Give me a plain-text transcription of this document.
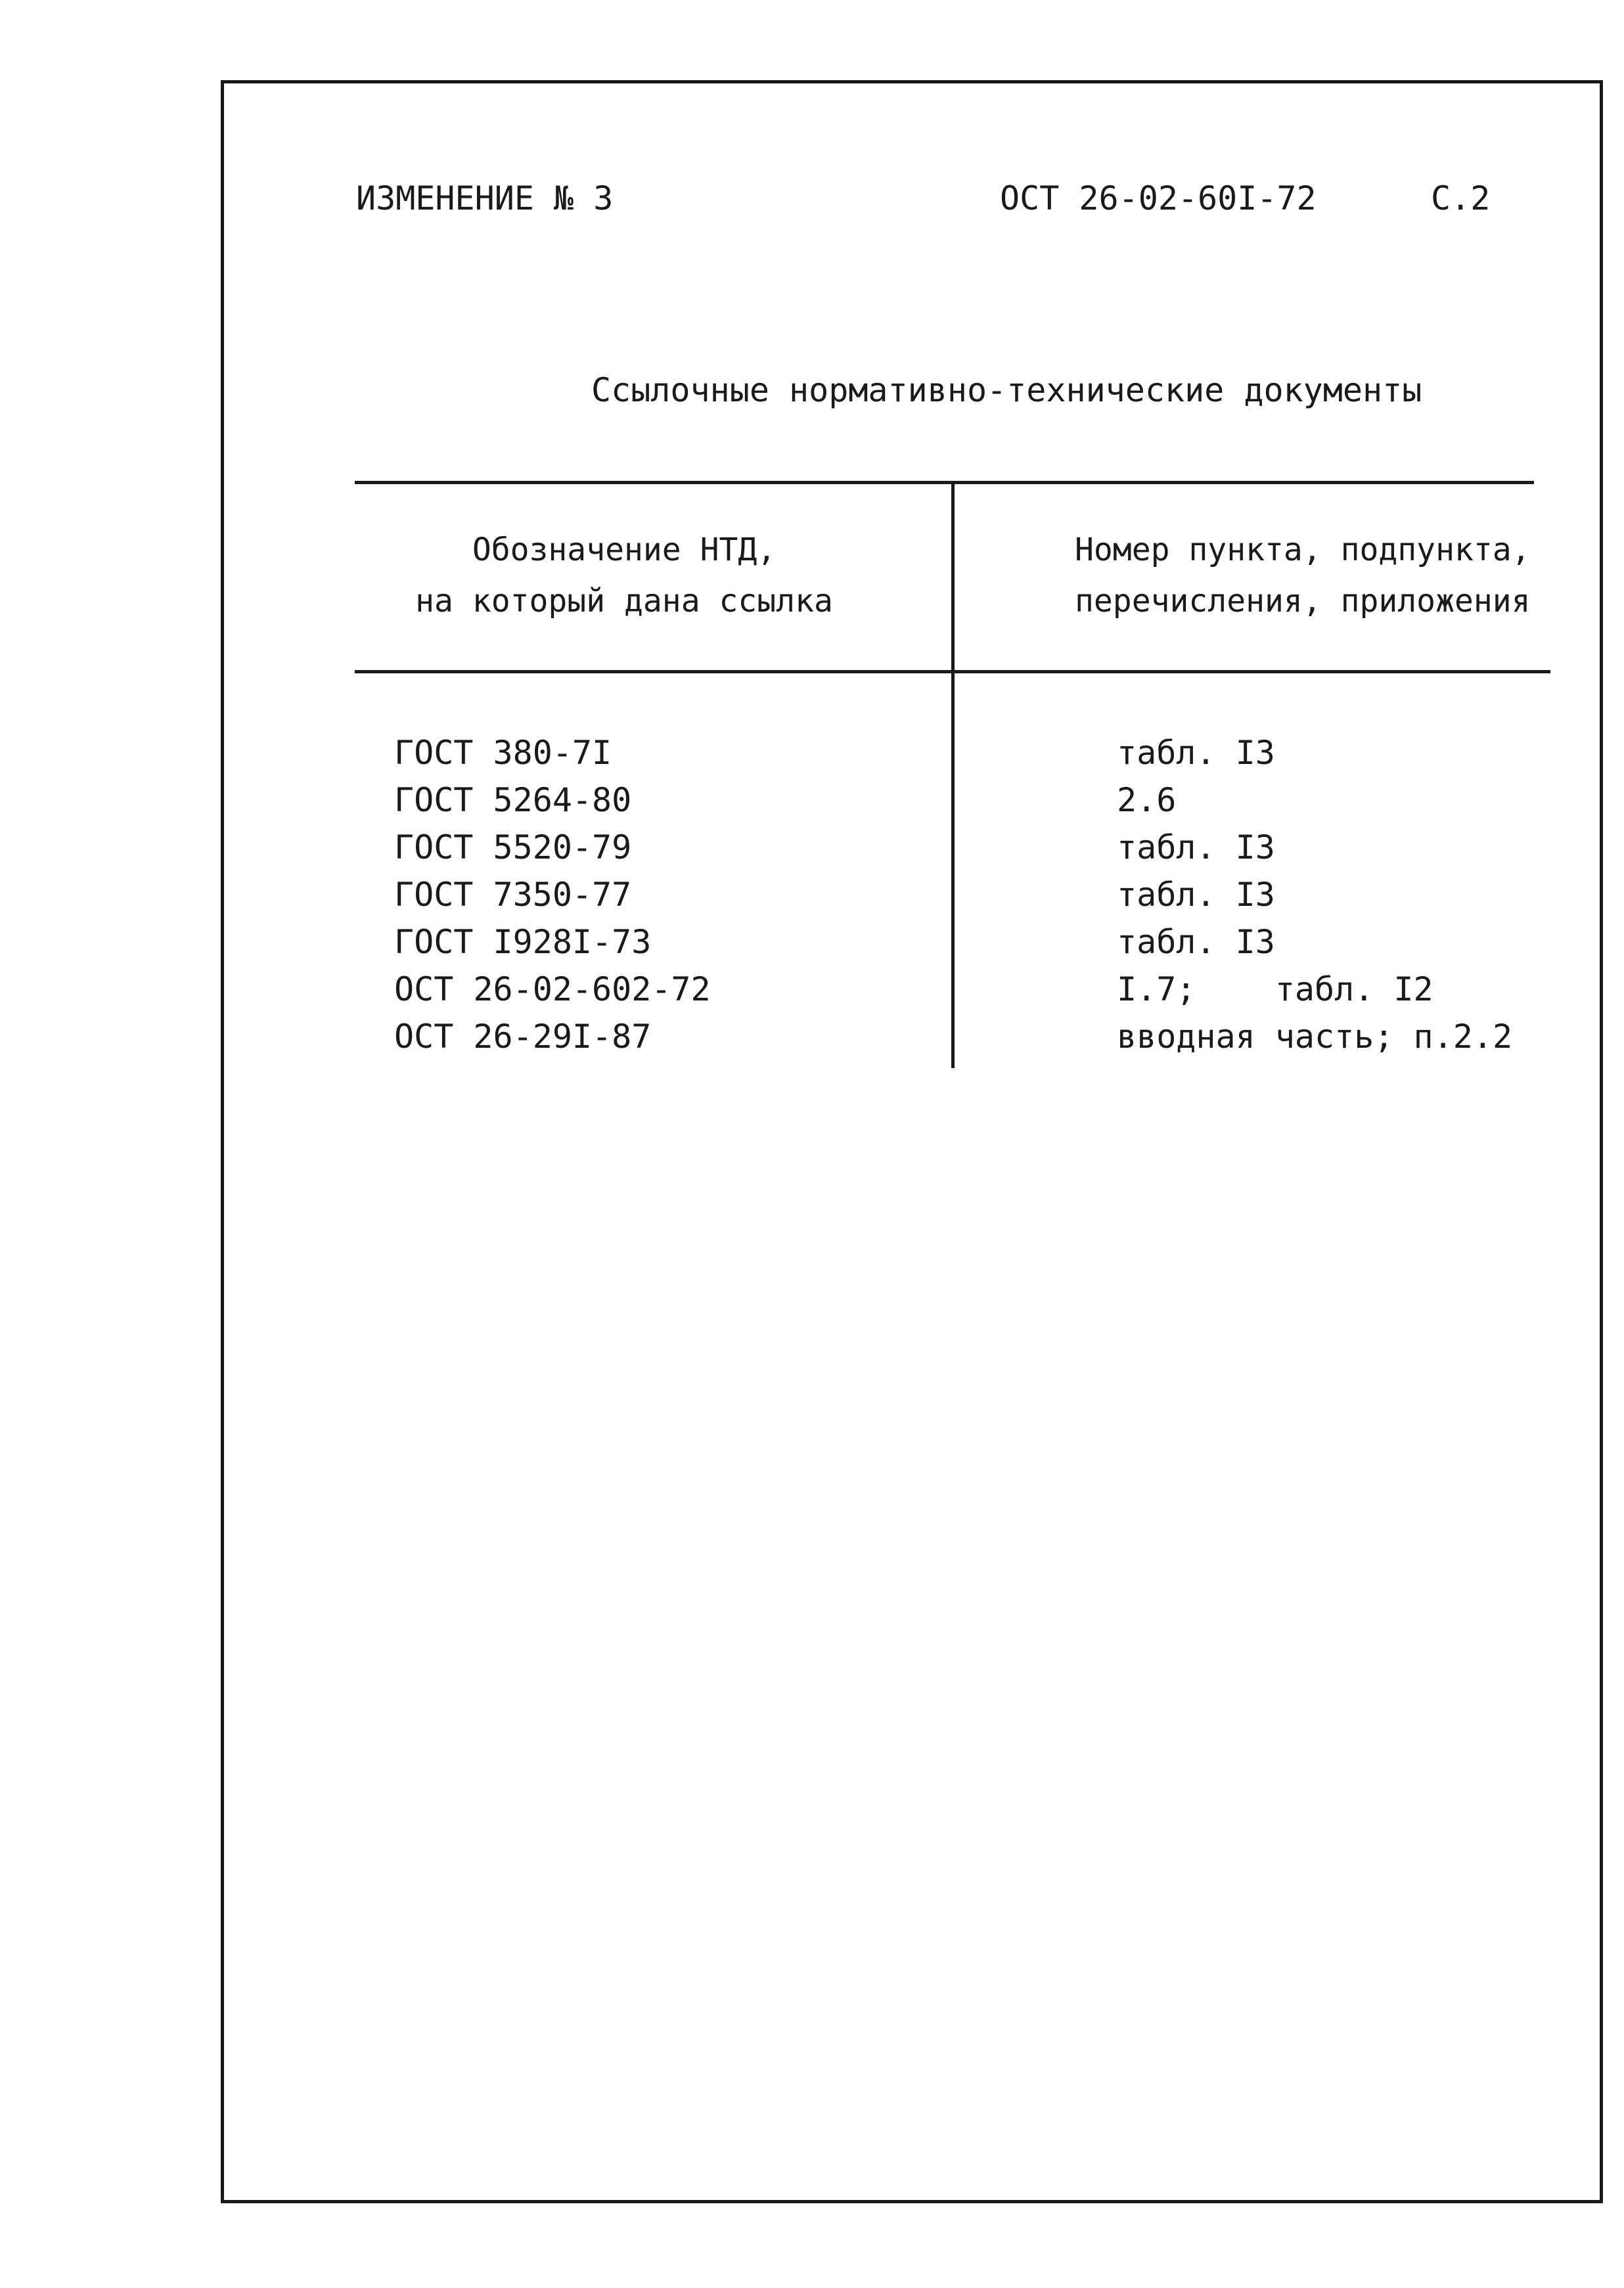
ИЗМЕНЕНИЕ № 3	ОСТ 26-02-60I-72	С.2
Ссылочные нормативно-технические документы
Обозначение НТД,
на который дана ссылка
Номер пункта, подпункта,
перечисления, приложения
ГОСТ 380-7I
ГОСТ 5264-80
ГОСТ 5520-79
ГОСТ 7350-77
ГОСТ I928I-73
ОСТ 26-02-602-72
ОСТ 26-29I-87
табл. I3
2.6
табл. I3
табл. I3
табл. I3
I.7;    табл. I2
вводная часть; п.2.2
